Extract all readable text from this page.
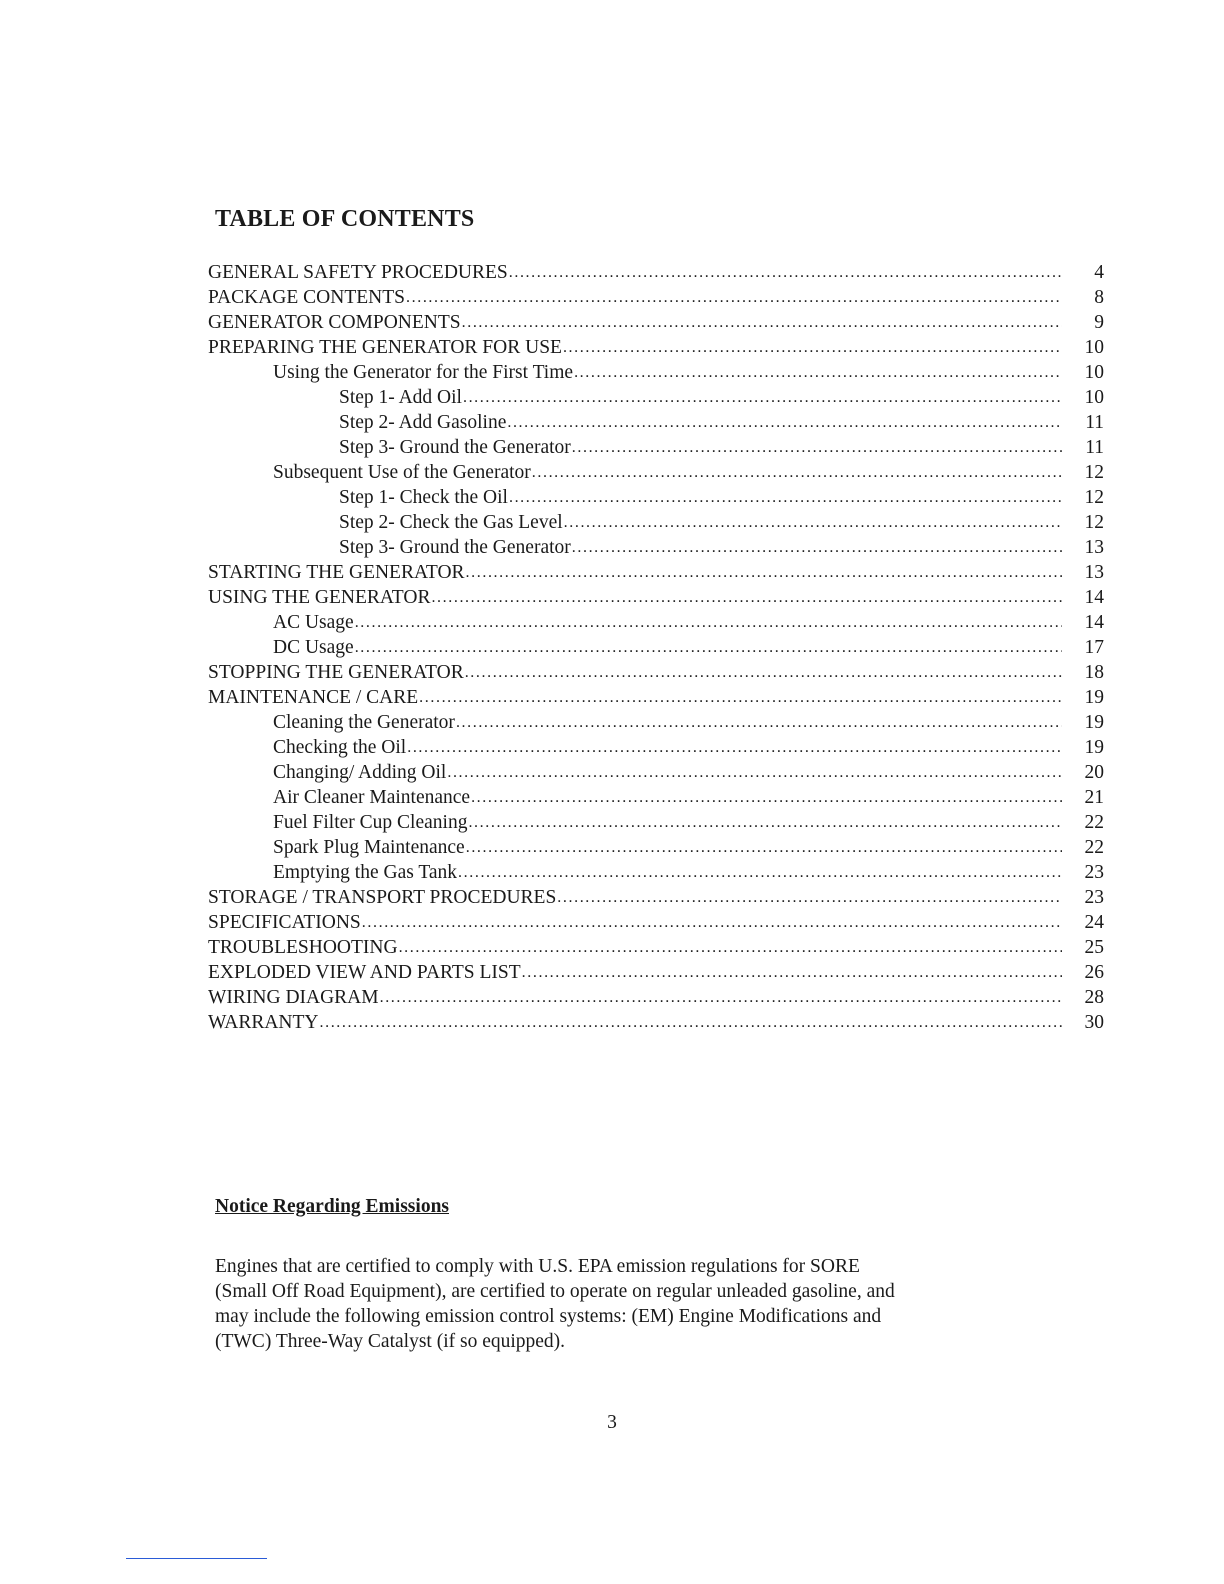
TABLE OF CONTENTS
GENERAL SAFETY PROCEDURES .....	4
PACKAGE CONTENTS .....	8
GENERATOR COMPONENTS .....	9
PREPARING THE GENERATOR FOR USE .....	10
Using the Generator for the First Time .....	10
Step 1- Add Oil .....	10
Step 2- Add Gasoline .....	11
Step 3- Ground the Generator .....	11
Subsequent Use of the Generator .....	12
Step 1- Check the Oil .....	12
Step 2- Check the Gas Level .....	12
Step 3- Ground the Generator .....	13
STARTING THE GENERATOR .....	13
USING THE GENERATOR .....	14
AC Usage .....	14
DC Usage .....	17
STOPPING THE GENERATOR .....	18
MAINTENANCE / CARE .....	19
Cleaning the Generator .....	19
Checking the Oil .....	19
Changing/ Adding Oil .....	20
Air Cleaner Maintenance .....	21
Fuel Filter Cup Cleaning .....	22
Spark Plug Maintenance .....	22
Emptying the Gas Tank .....	23
STORAGE / TRANSPORT PROCEDURES .....	23
SPECIFICATIONS .....	24
TROUBLESHOOTING .....	25
EXPLODED VIEW AND PARTS LIST .....	26
WIRING DIAGRAM .....	28
WARRANTY .....	30
Notice Regarding Emissions
Engines that are certified to comply with U.S. EPA emission regulations for SORE
(Small Off Road Equipment), are certified to operate on regular unleaded gasoline, and
may include the following emission control systems: (EM) Engine Modifications and
(TWC) Three-Way Catalyst (if so equipped).
3
